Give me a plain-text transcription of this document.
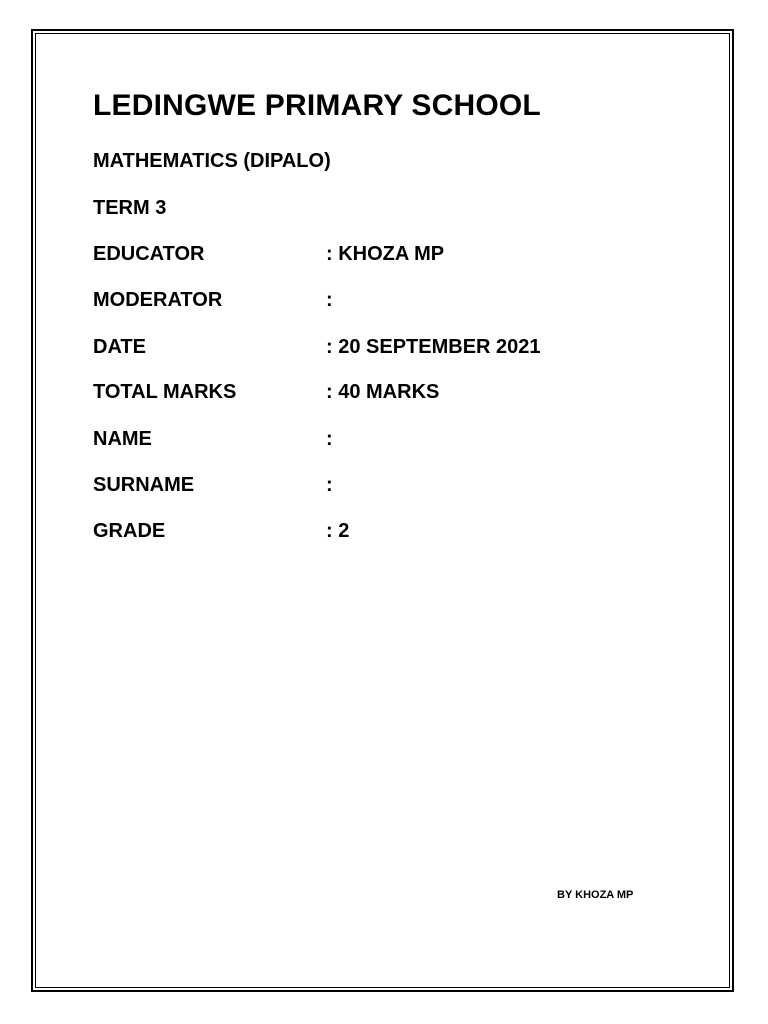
LEDINGWE PRIMARY SCHOOL
MATHEMATICS (DIPALO)
TERM 3
EDUCATOR	: KHOZA MP
MODERATOR	:
DATE	: 20 SEPTEMBER 2021
TOTAL MARKS	: 40 MARKS
NAME	:
SURNAME	:
GRADE	: 2
BY KHOZA MP
